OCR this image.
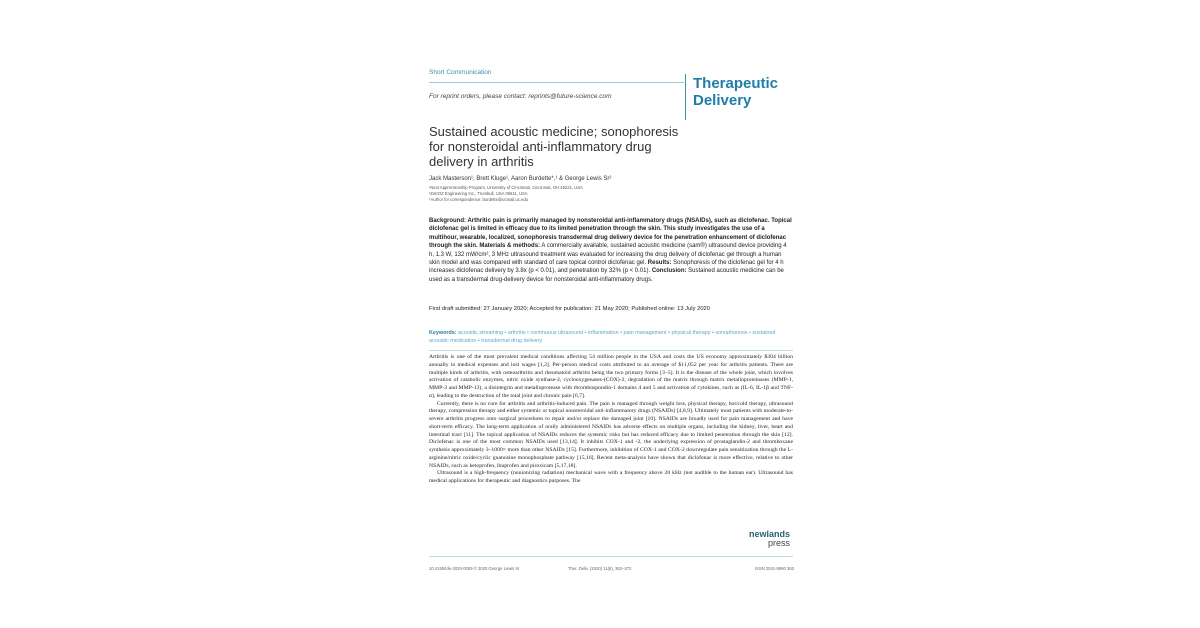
Short Communication
Therapeutic
Delivery
For reprint orders, please contact: reprints@future-science.com
Sustained acoustic medicine; sonophoresis for nonsteroidal anti-inflammatory drug delivery in arthritis
Jack Masterson¹, Brett Kluge¹, Aaron Burdette*,¹ & George Lewis Sr²
¹Next Apprenticeship Program, University of Cincinnati, Cincinnati, OH 45221, USA
²ZetrOZ Engineering Inc., Trumbull, USA 06611, USA
*Author for correspondence: burdette@ucmail.uc.edu

Background: Arthritic pain is primarily managed by nonsteroidal anti-inflammatory drugs (NSAIDs), such as diclofenac. Topical diclofenac gel is limited in efficacy due to its limited penetration through the skin. This study investigates the use of a multihour, wearable, localized, sonophoresis transdermal drug delivery device for the penetration enhancement of diclofenac through the skin. Materials & methods: A commercially available, sustained acoustic medicine (sam®) ultrasound device providing 4 h, 1.3 W, 132 mW/cm², 3 MHz ultrasound treatment was evaluated for increasing the drug delivery of diclofenac gel through a human skin model and was compared with standard of care topical control diclofenac gel. Results: Sonophoresis of the diclofenac gel for 4 h increases diclofenac delivery by 3.8x (p < 0.01), and penetration by 32% (p < 0.01). Conclusion: Sustained acoustic medicine can be used as a transdermal drug-delivery device for nonsteroidal anti-inflammatory drugs.

First draft submitted: 27 January 2020; Accepted for publication: 21 May 2020; Published online: 13 July 2020

Keywords: acoustic streaming • arthritis • continuous ultrasound • inflammation • pain management • physical therapy • sonophoresis • sustained acoustic medication • transdermal drug delivery

Arthritis is one of the most prevalent medical conditions affecting 54 million people in the USA and costs the US economy approximately $304 billion annually in medical expenses and lost wages [1,2]. Per-person medical costs attributed to an average of $11,052 per year for arthritis patients. There are multiple kinds of arthritis, with osteoarthritis and rheumatoid arthritis being the two primary forms [3–5]. It is the disease of the whole joint, which involves activation of catabolic enzymes, nitric oxide synthase-2, cyclooxygenases-(COX)-2, degradation of the matrix through matrix metalloproteinases (MMP-1, MMP-3 and MMP-13), a disintegrin and metalloprotease with thrombospondin-1 domains 4 and 5 and activation of cytokines, such as (IL-6, IL-1β and TNF-α), leading to the destruction of the total joint and chronic pain [6,7].

Currently, there is no cure for arthritis and arthritis-induced pain. The pain is managed through weight loss, physical therapy, hot/cold therapy, ultrasound therapy, compression therapy and either systemic or topical nonsteroidal anti-inflammatory drugs (NSAIDs) [4,8,9]. Ultimately most patients with moderate-to-severe arthritis progress onto surgical procedures to repair and/or replace the damaged joint [10]. NSAIDs are broadly used for pain management and have short-term efficacy. The long-term application of orally administered NSAIDs has adverse effects on multiple organs, including the kidney, liver, heart and intestinal tract [11]. The topical application of NSAIDs reduces the systemic risks but has reduced efficacy due to limited penetration through the skin [12]. Diclofenac is one of the most common NSAIDs used [13,14]. It inhibits COX-1 and -2, the underlying expression of prostaglandin-2 and thromboxane synthesis approximately 3–1000× more than other NSAIDs [15]. Furthermore, inhibition of COX-1 and COX-2 downregulate pain sensitization through the L-arginine/nitric oxide/cyclic guanosine monophosphate pathway [15,16]. Recent meta-analysis have shown that diclofenac is more effective, relative to other NSAIDs, such as ketoprofen, ibuprofen and piroxicam [5,17,18].

Ultrasound is a high-frequency (nonionizing radiation) mechanical wave with a frequency above 20 kHz (not audible to the human ear). Ultrasound has medical applications for therapeutic and diagnostics purposes. The

newlands
press
10.4155/tde-2020-0009 © 2020 George Lewis Sr	Ther. Deliv. (2020) 11(6), 363–372	ISSN 2041-5990 363
